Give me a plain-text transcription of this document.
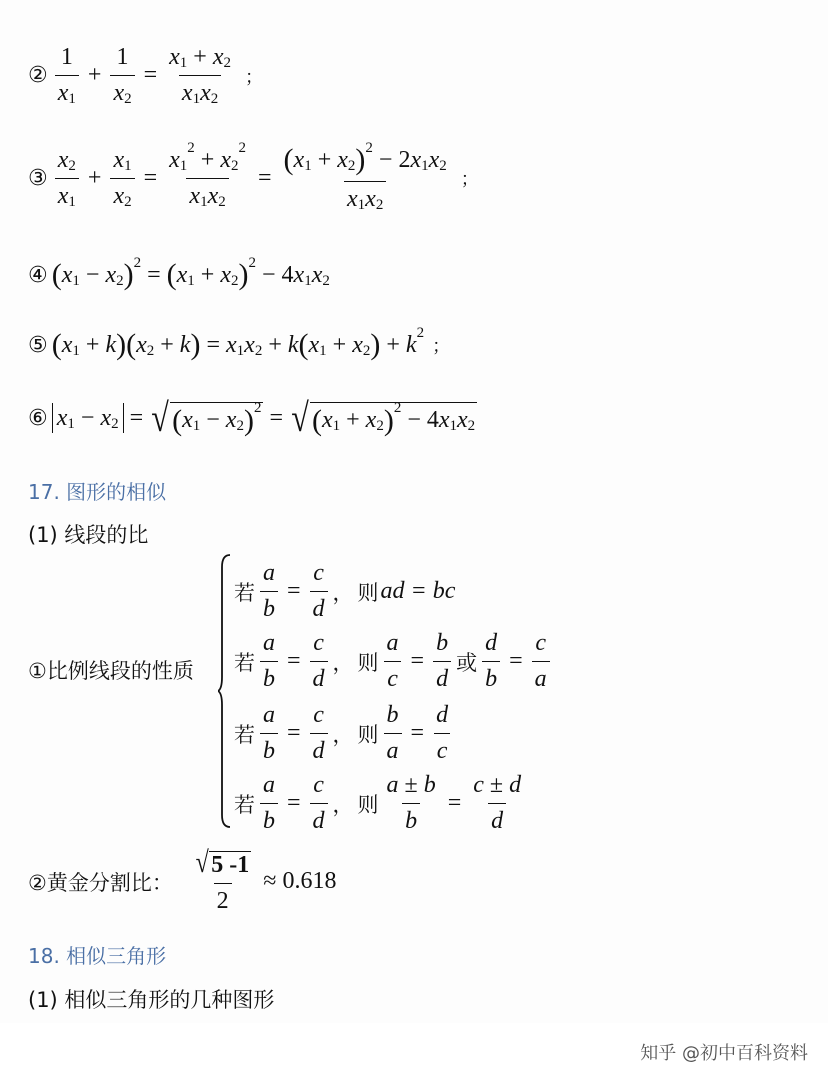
② $\frac{1}{x 1} + \frac{1}{x 2} = \frac{x 1 + x 2}{x 1 x 2}$ ；
③ $\frac{x 2}{x 1} + \frac{x 1}{x 2} = x$ 1
2 + x 2
2
x 1 x $2 = \frac{( x 1 + x 2 ) 2 - 2 x 1 x 2}{x 1 x 2}$ ；
④ ( x 1 − x 2 ) 2 = ( x 1 + x 2 ) 2 − 4 x 1 x 2
⑤ ( x 1 + k ) ( x 2 + k ) = x 1 x 2 + k ( x 1 + x 2 ) + k 2
；
⑥ x 1 − x 2 = √ ( x 1 − x 2 ) 2 = √ ( x 1 + x 2 ) 2 − 4 x 1 x 2
17. 图形的相似
(1) 线段的比
①比例线段的性质
若 $\frac{a}{b} = \frac{c}{d}$ ， 则 ad = bc
若 $\frac{a}{b} = \frac{c}{d}$ ， 则 $\frac{a}{c} = \frac{b}{d}$ 或 $\frac{d}{b} = \frac{c}{a}$
若 $\frac{a}{b} = \frac{c}{d}$ ， 则 $\frac{b}{a} = \frac{d}{c}$
若 $\frac{a}{b} = \frac{c}{d}$ ， 则 $\frac{a \pm b}{b} = \frac{c \pm d}{d}$
②黄金分割比： $\frac{√ 5 -1}{2} \approx 0.618$
18. 相似三角形
(1) 相似三角形的几种图形
知乎 @初中百科资料
